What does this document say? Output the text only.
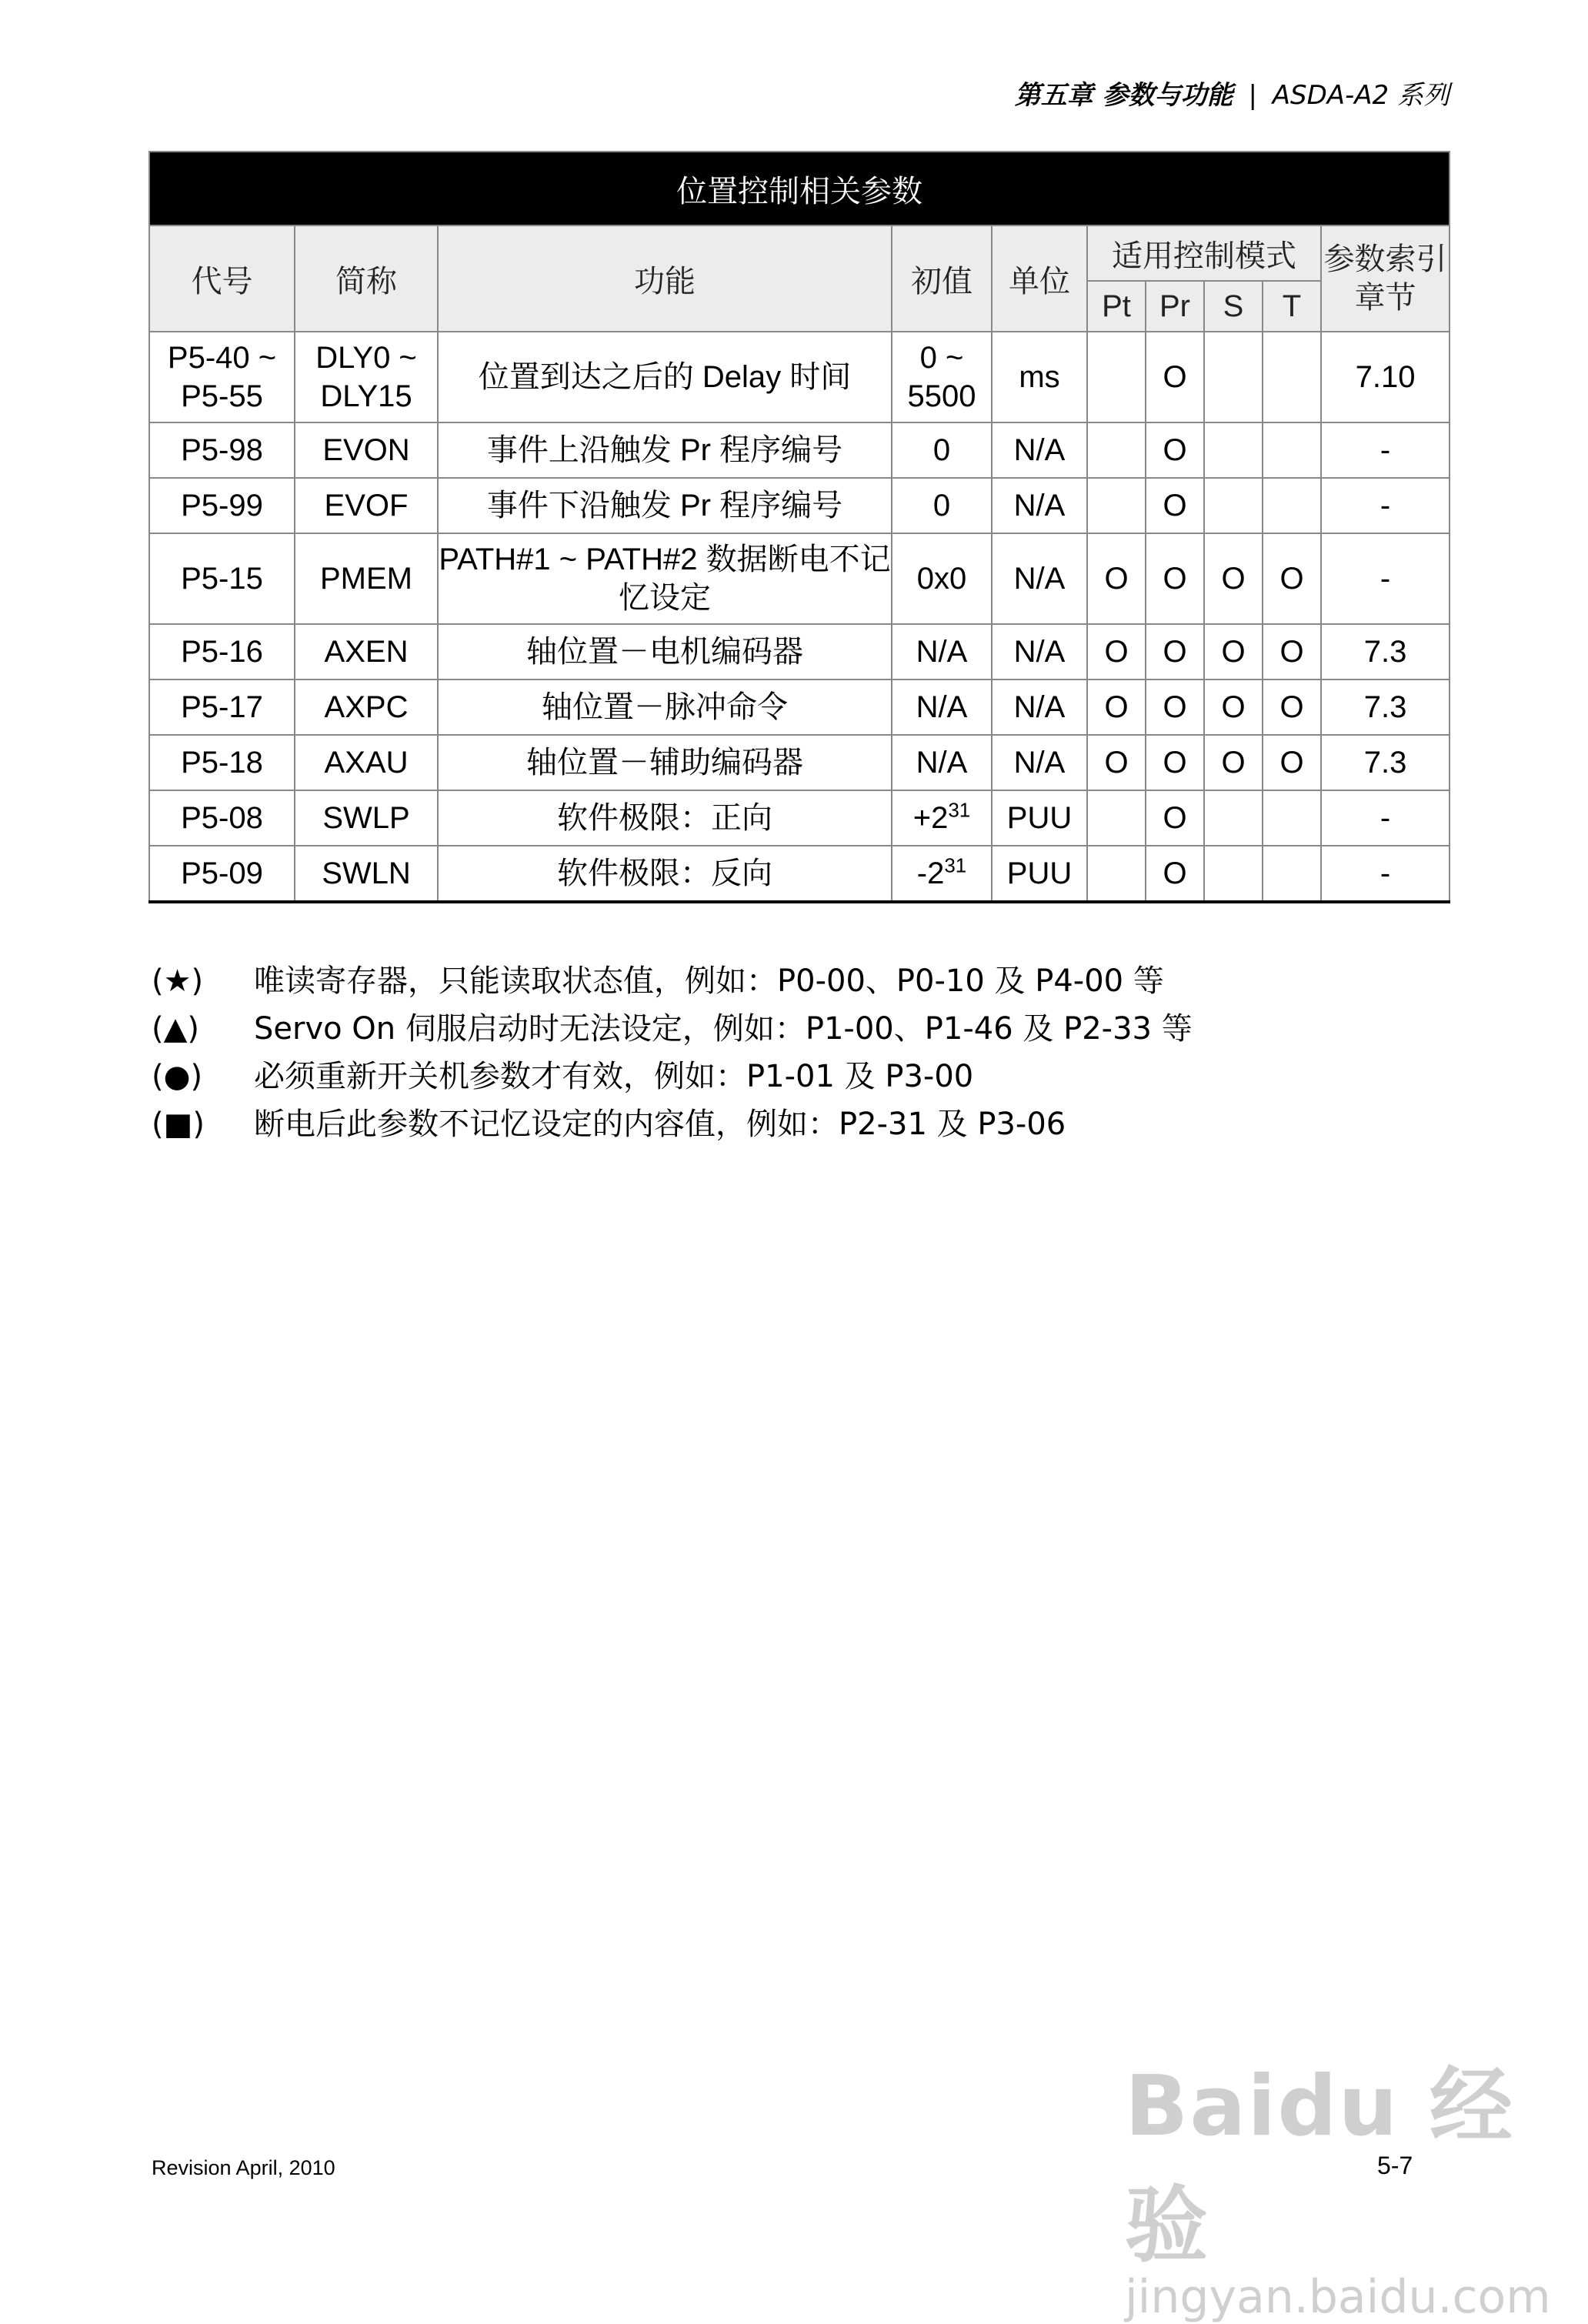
第五章 参数与功能 | ASDA-A2 系列
位置控制相关参数									
代号	简称	功能	初值	单位	适用控制模式				参数索引章节
					Pt	Pr	S	T	
P5-40 ~ P5-55	DLY0 ~ DLY15	位置到达之后的 Delay 时间	0 ~ 5500	ms		O			7.10
P5-98	EVON	事件上沿触发 Pr 程序编号	0	N/A		O			-
P5-99	EVOF	事件下沿触发 Pr 程序编号	0	N/A		O			-
P5-15	PMEM	PATH#1 ~ PATH#2 数据断电不记忆设定	0x0	N/A	O	O	O	O	-
P5-16	AXEN	轴位置－电机编码器	N/A	N/A	O	O	O	O	7.3
P5-17	AXPC	轴位置－脉冲命令	N/A	N/A	O	O	O	O	7.3
P5-18	AXAU	轴位置－辅助编码器	N/A	N/A	O	O	O	O	7.3
P5-08	SWLP	软件极限：正向	$+2^{31}$	PUU		O			-
P5-09	SWLN	软件极限：反向	$-2^{31}$	PUU		O			-
(★)	唯读寄存器，只能读取状态值，例如：P0-00、P0-10 及 P4-00 等
(▲)	Servo On 伺服启动时无法设定，例如：P1-00、P1-46 及 P2-33 等
(●)	必须重新开关机参数才有效，例如：P1-01 及 P3-00
(■)	断电后此参数不记忆设定的内容值，例如：P2-31 及 P3-06
Baidu 经验
jingyan.baidu.com
Revision April, 2010	5-7
